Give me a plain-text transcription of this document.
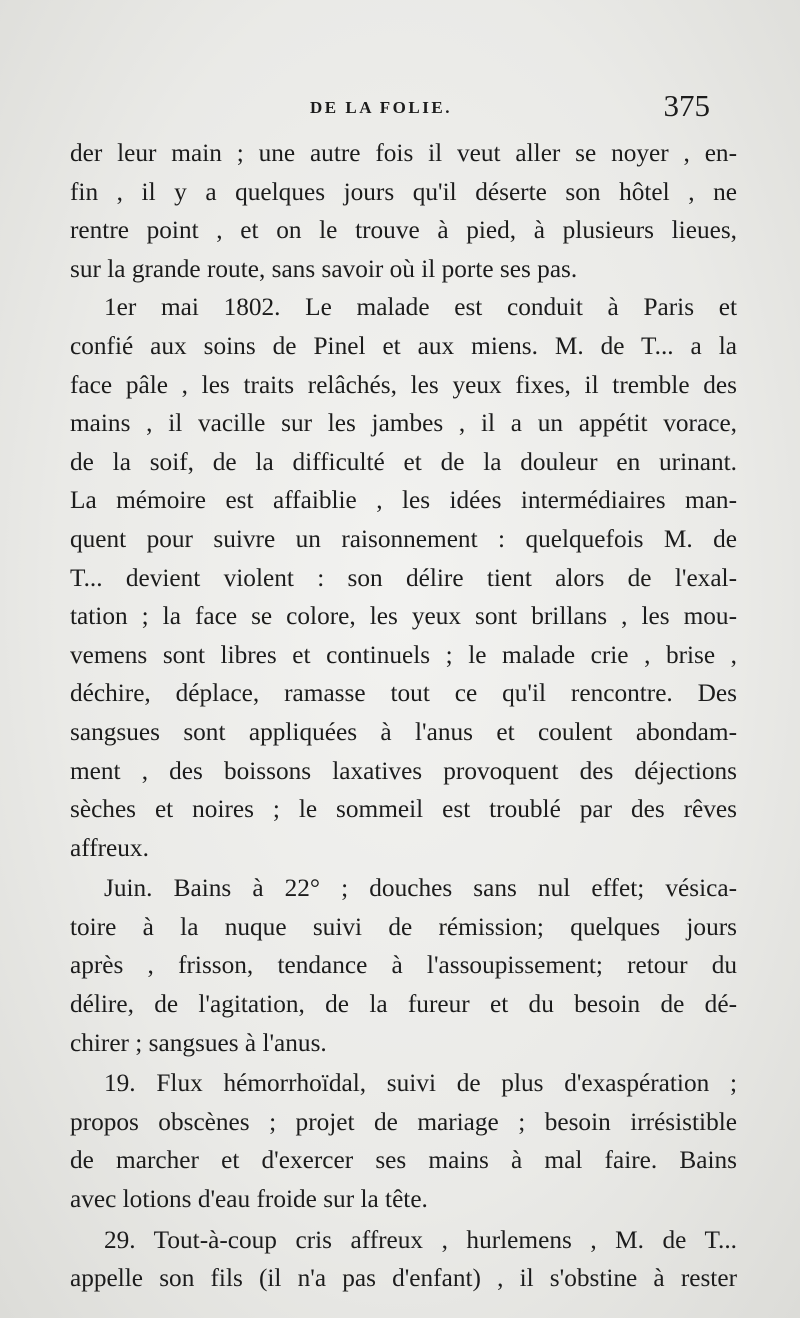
DE LA FOLIE.	375
der leur main ; une autre fois il veut aller se noyer , en-
fin , il y a quelques jours qu'il déserte son hôtel , ne
rentre point , et on le trouve à pied, à plusieurs lieues,
sur la grande route, sans savoir où il porte ses pas.
1er mai 1802. Le malade est conduit à Paris et
confié aux soins de Pinel et aux miens. M. de T... a la
face pâle , les traits relâchés, les yeux fixes, il tremble des
mains , il vacille sur les jambes , il a un appétit vorace,
de la soif, de la difficulté et de la douleur en urinant.
La mémoire est affaiblie , les idées intermédiaires man-
quent pour suivre un raisonnement : quelquefois M. de
T... devient violent : son délire tient alors de l'exal-
tation ; la face se colore, les yeux sont brillans , les mou-
vemens sont libres et continuels ; le malade crie , brise ,
déchire, déplace, ramasse tout ce qu'il rencontre. Des
sangsues sont appliquées à l'anus et coulent abondam-
ment , des boissons laxatives provoquent des déjections
sèches et noires ; le sommeil est troublé par des rêves
affreux.
Juin. Bains à 22° ; douches sans nul effet; vésica-
toire à la nuque suivi de rémission; quelques jours
après , frisson, tendance à l'assoupissement; retour du
délire, de l'agitation, de la fureur et du besoin de dé-
chirer ; sangsues à l'anus.
19. Flux hémorrhoïdal, suivi de plus d'exaspération ;
propos obscènes ; projet de mariage ; besoin irrésistible
de marcher et d'exercer ses mains à mal faire. Bains
avec lotions d'eau froide sur la tête.
29. Tout-à-coup cris affreux , hurlemens , M. de T...
appelle son fils (il n'a pas d'enfant) , il s'obstine à rester
